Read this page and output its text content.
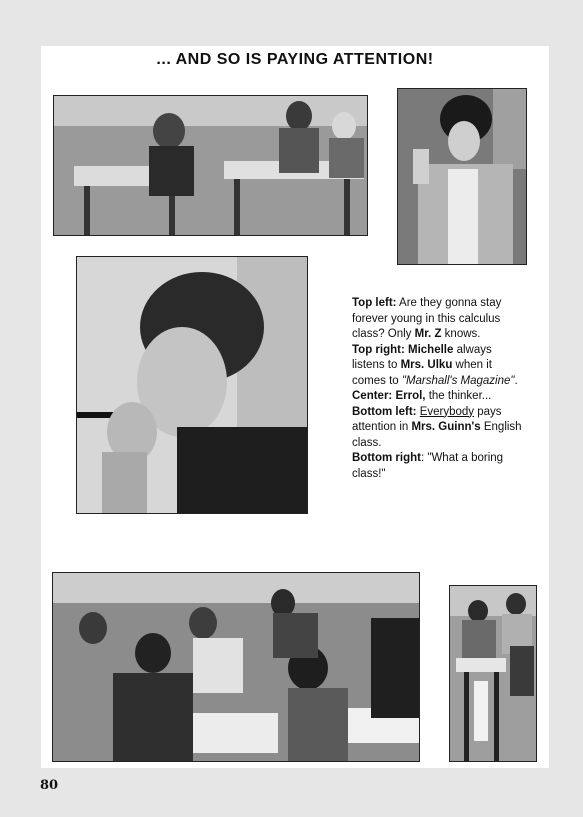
... AND SO IS PAYING ATTENTION!

Top left: Are they gonna stay forever young in this calculus class? Only Mr. Z knows.

Top right: Michelle always listens to Mrs. Ulku when it comes to "Marshall's Magazine".

Center: Errol, the thinker...

Bottom left: Everybody pays attention in Mrs. Guinn's English class.

Bottom right: "What a boring class!"

80
